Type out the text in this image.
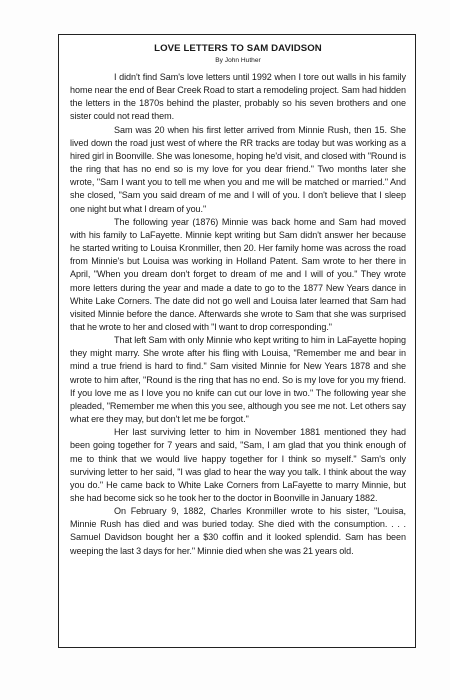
LOVE LETTERS TO SAM DAVIDSON
By John Huther

I didn't find Sam's love letters until 1992 when I tore out walls in his family home near the end of Bear Creek Road to start a remodeling project. Sam had hidden the letters in the 1870s behind the plaster, probably so his seven brothers and one sister could not read them.

Sam was 20 when his first letter arrived from Minnie Rush, then 15. She lived down the road just west of where the RR tracks are today but was working as a hired girl in Boonville. She was lonesome, hoping he'd visit, and closed with "Round is the ring that has no end so is my love for you dear friend." Two months later she wrote, "Sam I want you to tell me when you and me will be matched or married." And she closed, "Sam you said dream of me and I will of you. I don't believe that I sleep one night but what I dream of you."

The following year (1876) Minnie was back home and Sam had moved with his family to LaFayette. Minnie kept writing but Sam didn't answer her because he started writing to Louisa Kronmiller, then 20. Her family home was across the road from Minnie's but Louisa was working in Holland Patent. Sam wrote to her there in April, "When you dream don't forget to dream of me and I will of you." They wrote more letters during the year and made a date to go to the 1877 New Years dance in White Lake Corners. The date did not go well and Louisa later learned that Sam had visited Minnie before the dance. Afterwards she wrote to Sam that she was surprised that he wrote to her and closed with "I want to drop corresponding."

That left Sam with only Minnie who kept writing to him in LaFayette hoping they might marry. She wrote after his fling with Louisa, "Remember me and bear in mind a true friend is hard to find." Sam visited Minnie for New Years 1878 and she wrote to him after, "Round is the ring that has no end. So is my love for you my friend. If you love me as I love you no knife can cut our love in two." The following year she pleaded, "Remember me when this you see, although you see me not. Let others say what ere they may, but don't let me be forgot."

Her last surviving letter to him in November 1881 mentioned they had been going together for 7 years and said, "Sam, I am glad that you think enough of me to think that we would live happy together for I think so myself." Sam's only surviving letter to her said, "I was glad to hear the way you talk. I think about the way you do." He came back to White Lake Corners from LaFayette to marry Minnie, but she had become sick so he took her to the doctor in Boonville in January 1882.

On February 9, 1882, Charles Kronmiller wrote to his sister, "Louisa, Minnie Rush has died and was buried today. She died with the consumption. . . . Samuel Davidson bought her a $30 coffin and it looked splendid. Sam has been weeping the last 3 days for her." Minnie died when she was 21 years old.
